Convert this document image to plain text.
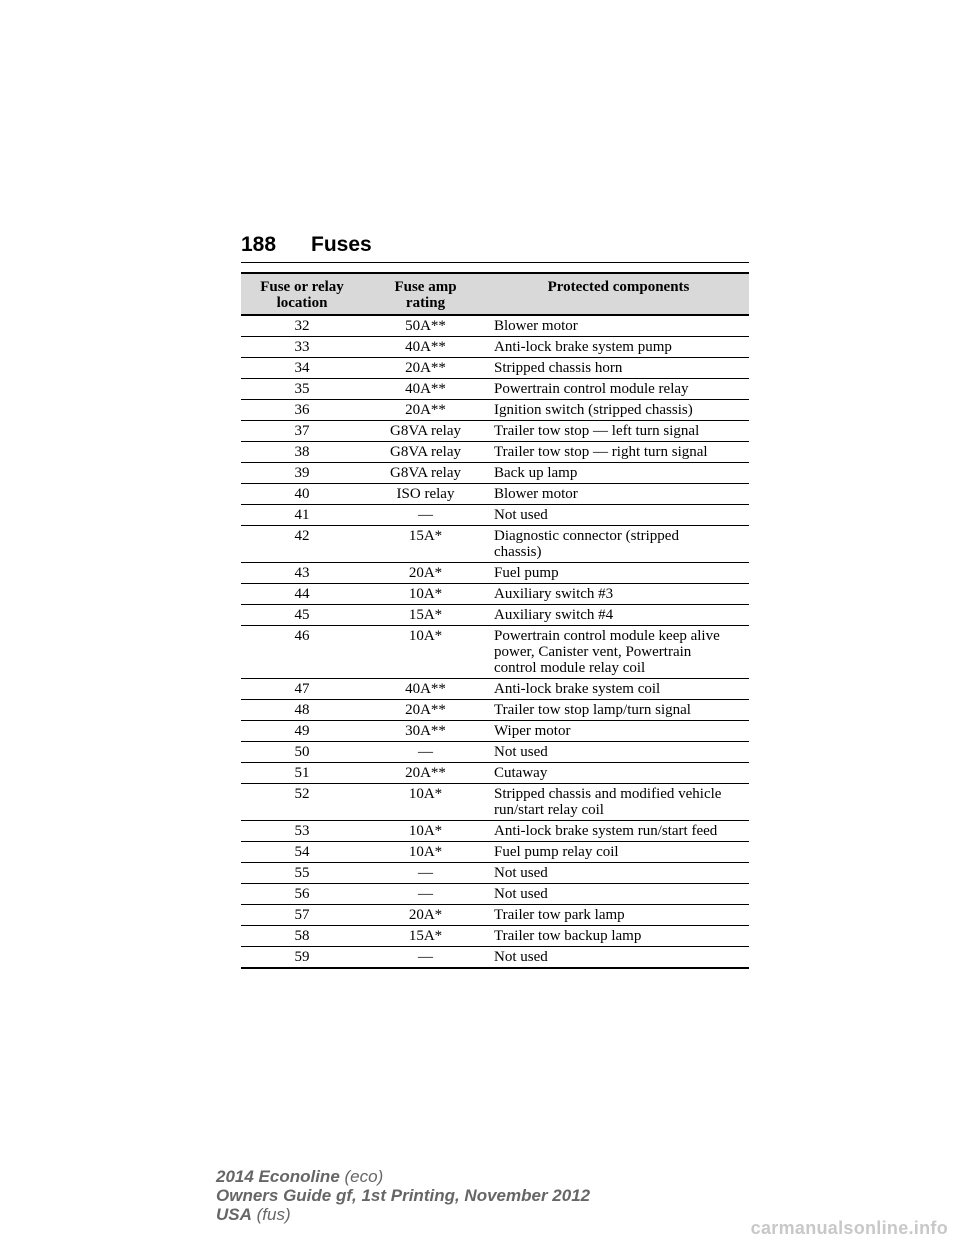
188 Fuses
Fuse or relay
location	Fuse amp
rating	Protected components

32	50A**	Blower motor

33	40A**	Anti-lock brake system pump

34	20A**	Stripped chassis horn

35	40A**	Powertrain control module relay

36	20A**	Ignition switch (stripped chassis)

37	G8VA relay	Trailer tow stop — left turn signal

38	G8VA relay	Trailer tow stop — right turn signal

39	G8VA relay	Back up lamp

40	ISO relay	Blower motor

41	—	Not used

42	15A*	Diagnostic connector (stripped
chassis)

43	20A*	Fuel pump

44	10A*	Auxiliary switch #3

45	15A*	Auxiliary switch #4

46	10A*	Powertrain control module keep alive
power, Canister vent, Powertrain
control module relay coil

47	40A**	Anti-lock brake system coil

48	20A**	Trailer tow stop lamp/turn signal

49	30A**	Wiper motor

50	—	Not used

51	20A**	Cutaway

52	10A*	Stripped chassis and modified vehicle
run/start relay coil

53	10A*	Anti-lock brake system run/start feed

54	10A*	Fuel pump relay coil

55	—	Not used

56	—	Not used

57	20A*	Trailer tow park lamp

58	15A*	Trailer tow backup lamp

59	—	Not used
2014 Econoline (eco)
Owners Guide gf, 1st Printing, November 2012
USA (fus)
carmanualsonline.info
